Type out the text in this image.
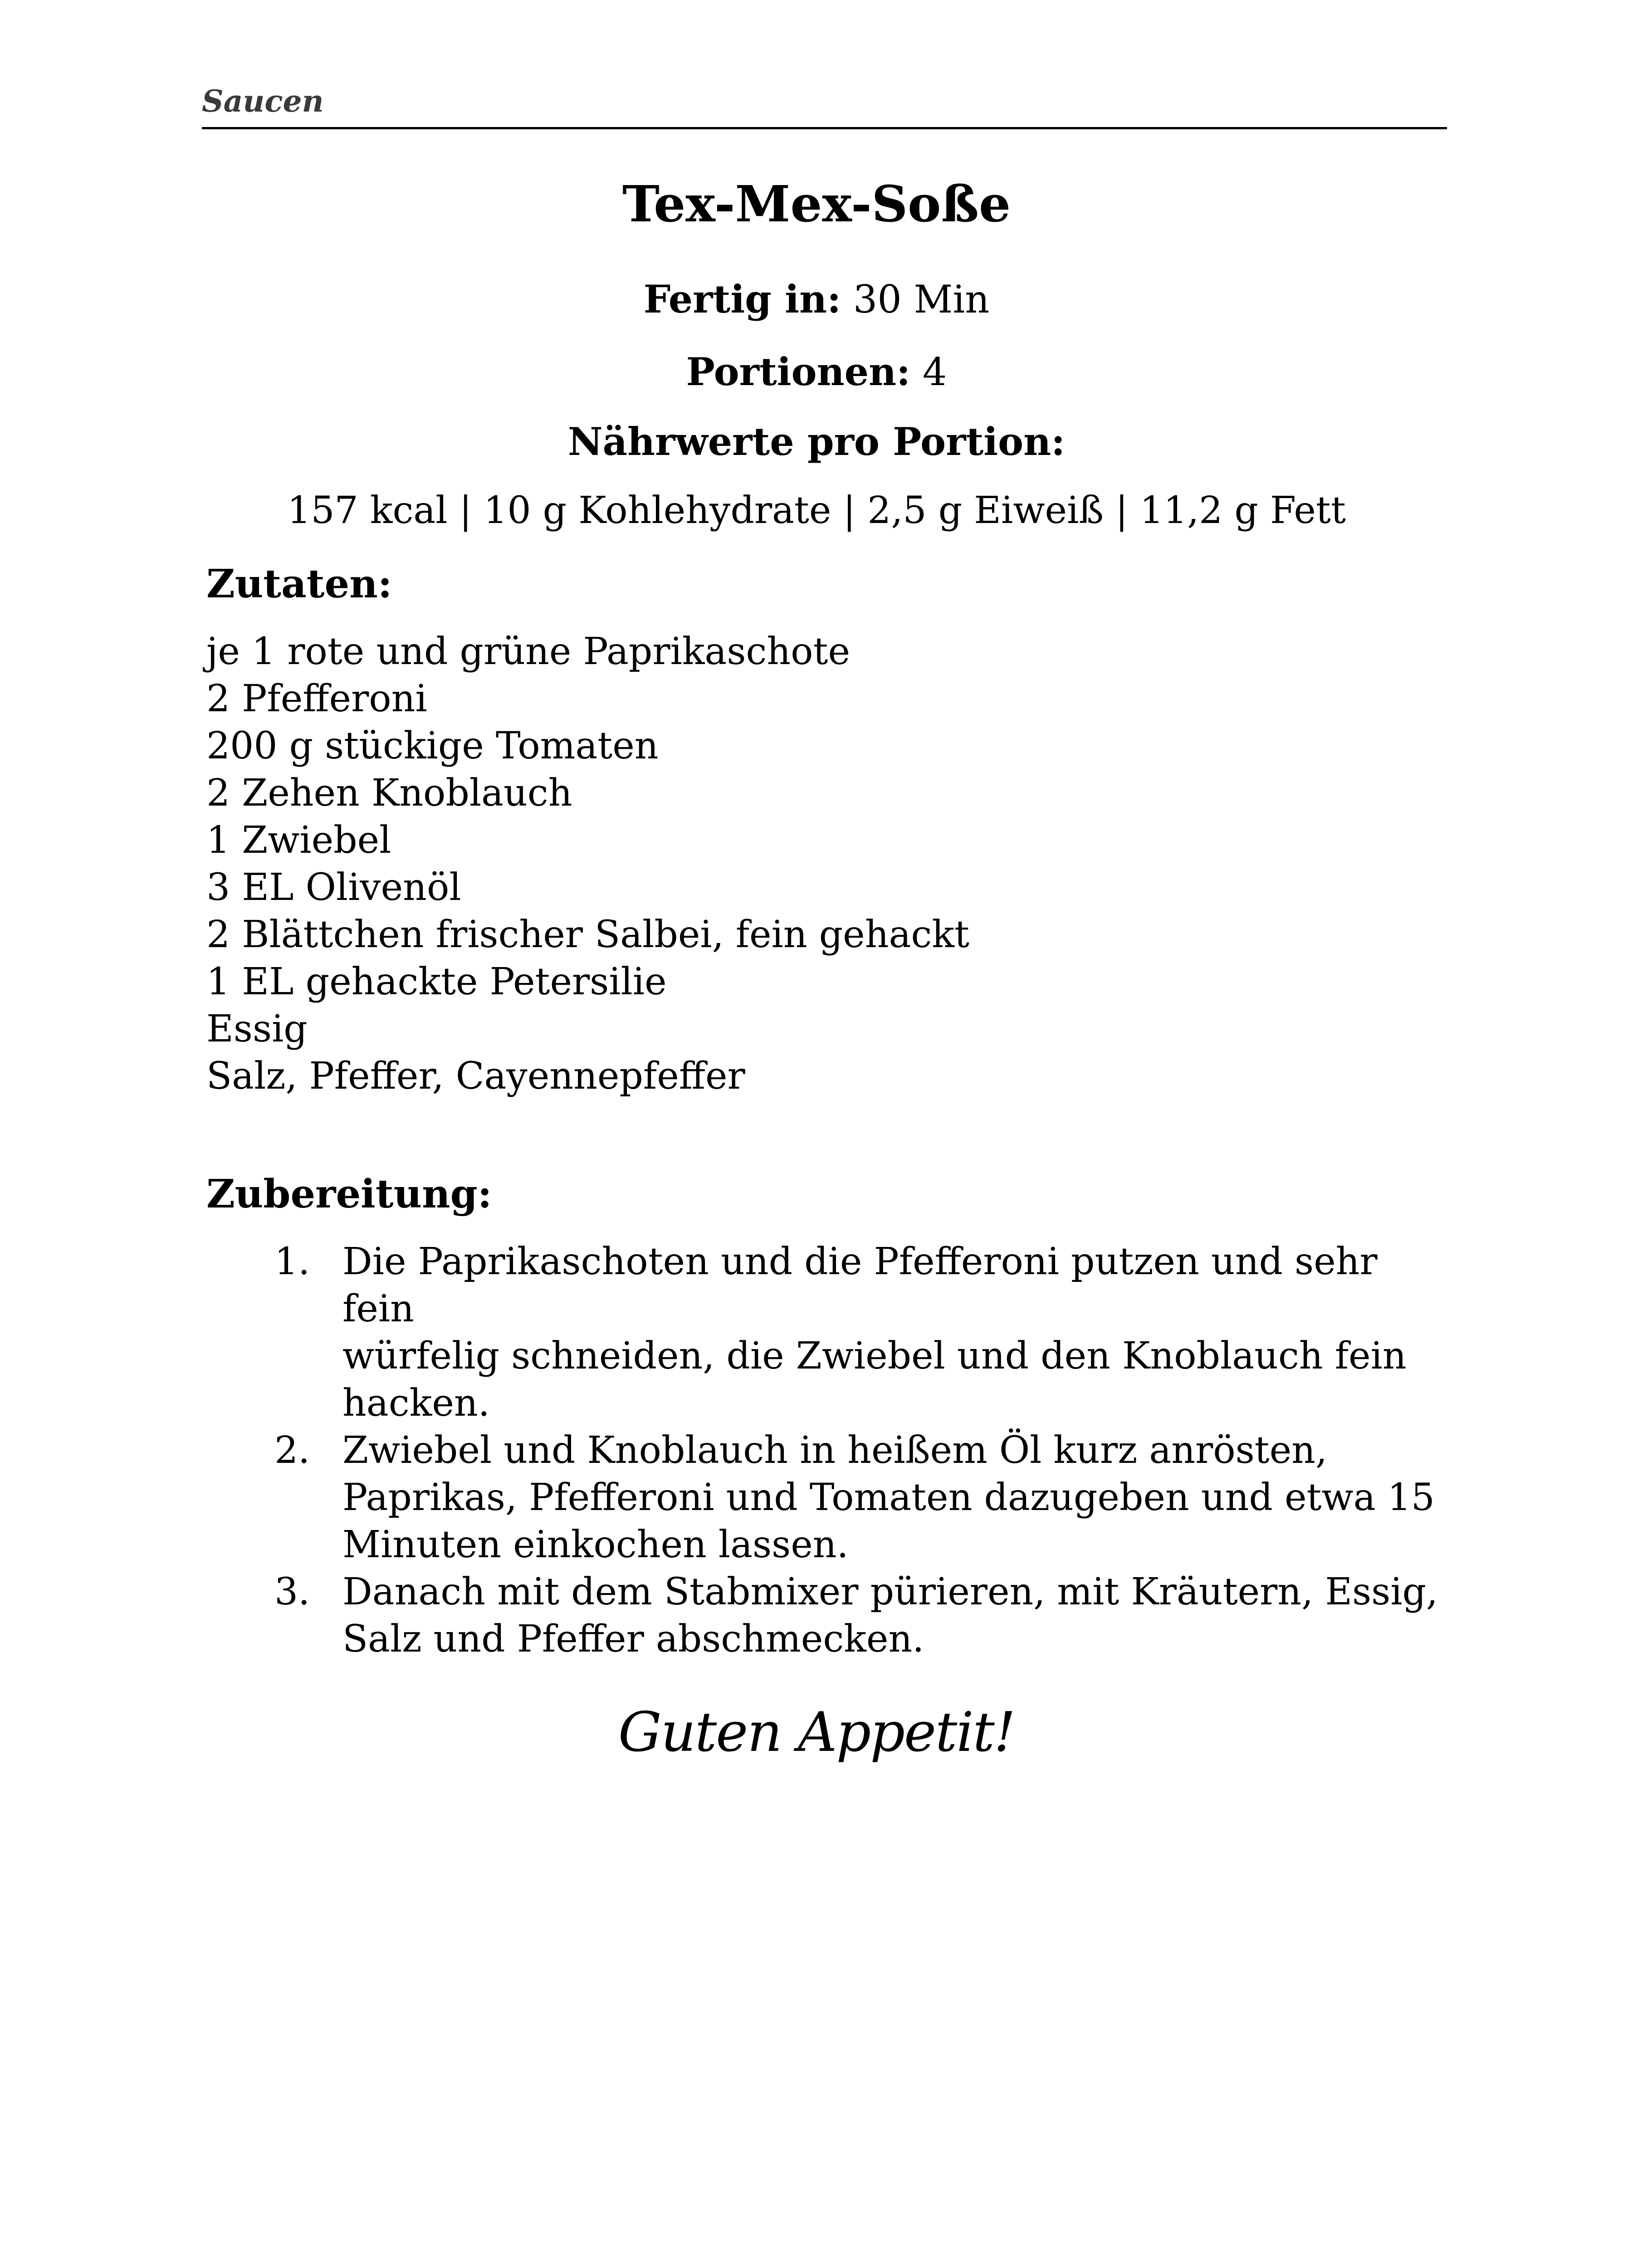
Saucen
Tex-Mex-Soße
Fertig in: 30 Min
Portionen: 4
Nährwerte pro Portion:
157 kcal | 10 g Kohlehydrate | 2,5 g Eiweiß | 11,2 g Fett
Zutaten:
je 1 rote und grüne Paprikaschote
2 Pfefferoni
200 g stückige Tomaten
2 Zehen Knoblauch
1 Zwiebel
3 EL Olivenöl
2 Blättchen frischer Salbei, fein gehackt
1 EL gehackte Petersilie
Essig
Salz, Pfeffer, Cayennepfeffer
Zubereitung:
1. Die Paprikaschoten und die Pfefferoni putzen und sehr fein
würfelig schneiden, die Zwiebel und den Knoblauch fein
hacken.
2. Zwiebel und Knoblauch in heißem Öl kurz anrösten,
Paprikas, Pfefferoni und Tomaten dazugeben und etwa 15
Minuten einkochen lassen.
3. Danach mit dem Stabmixer pürieren, mit Kräutern, Essig,
Salz und Pfeffer abschmecken.
Guten Appetit!
